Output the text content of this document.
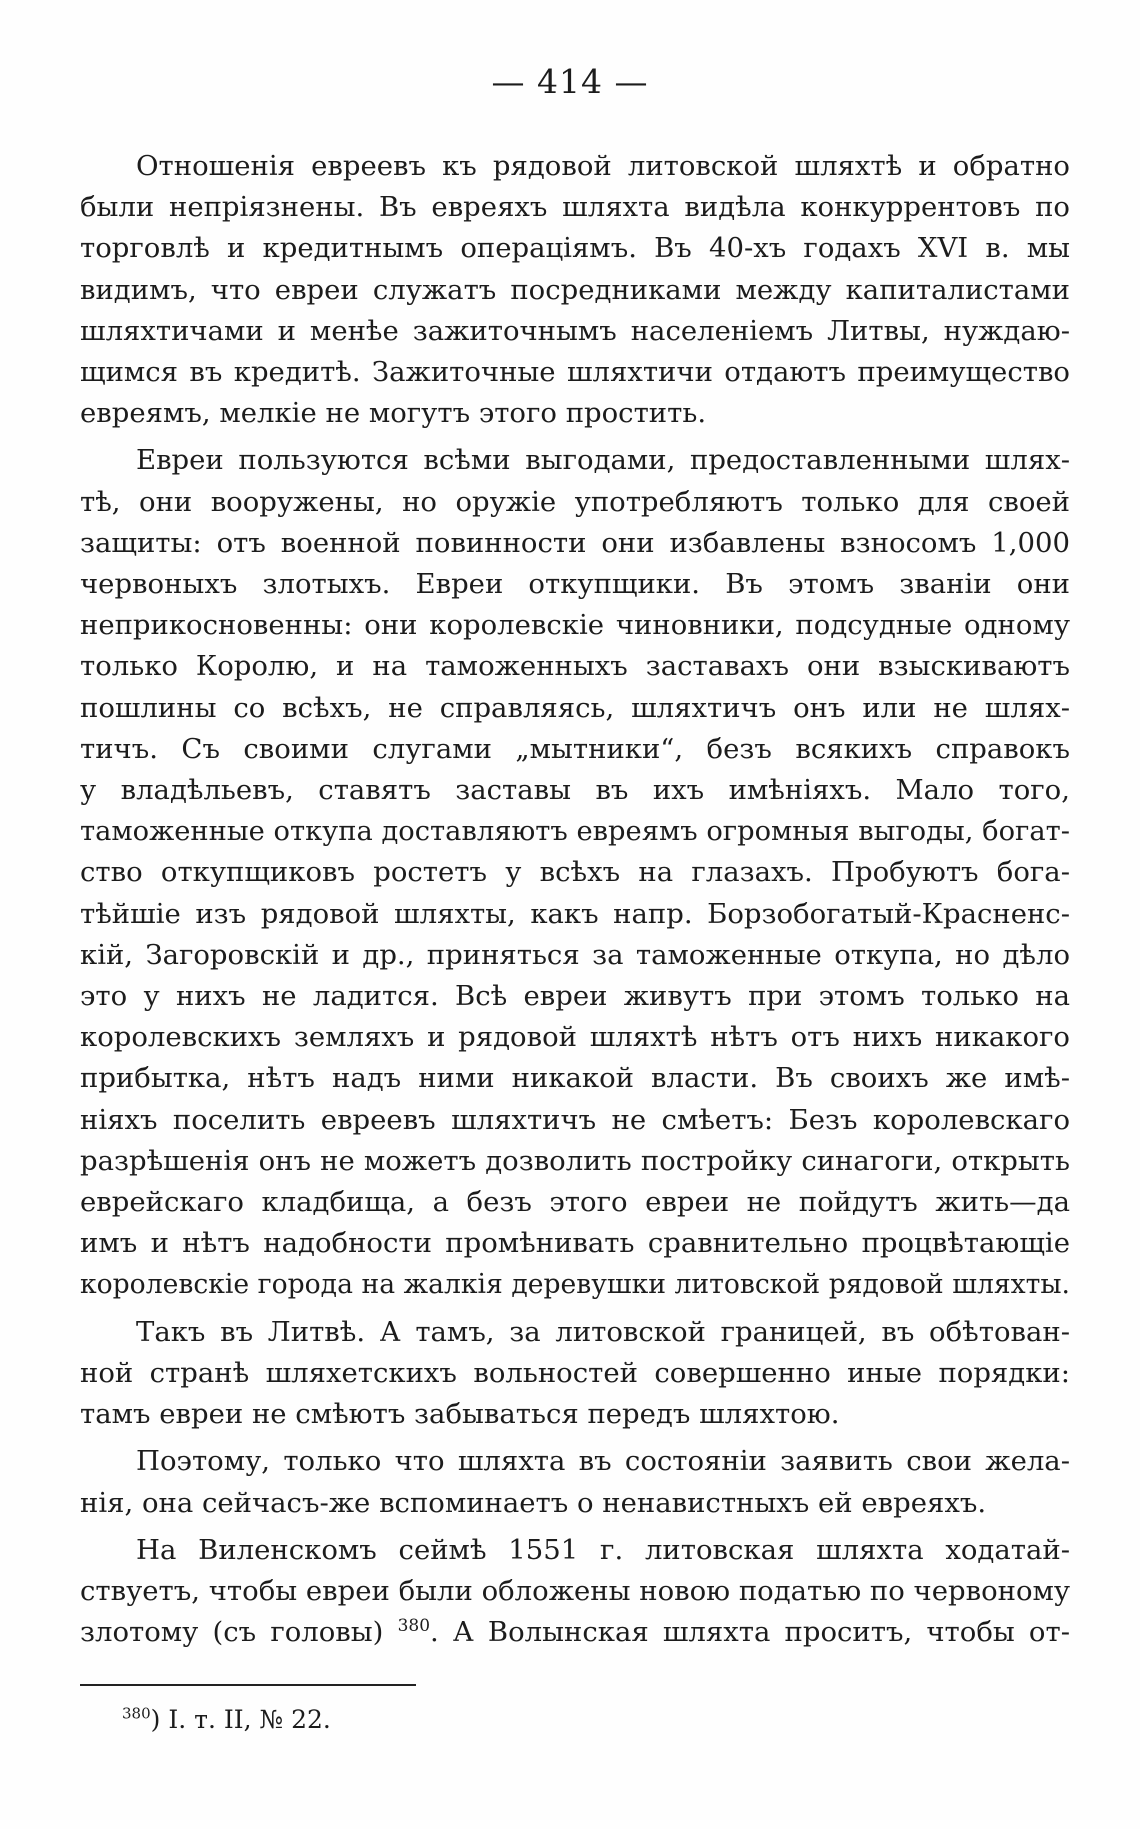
— 414 —

Отношенія евреевъ къ рядовой литовской шляхтѣ и обратно
были непріязнены. Въ евреяхъ шляхта видѣла конкуррентовъ по
торговлѣ и кредитнымъ операціямъ. Въ 40-хъ годахъ XVI в. мы
видимъ, что евреи служатъ посредниками между капиталистами
шляхтичами и менѣе зажиточнымъ населеніемъ Литвы, нуждаю-
щимся въ кредитѣ. Зажиточные шляхтичи отдаютъ преимущество
евреямъ, мелкіе не могутъ этого простить.

Евреи пользуются всѣми выгодами, предоставленными шлях-
тѣ, они вооружены, но оружіе употребляютъ только для своей
защиты: отъ военной повинности они избавлены взносомъ 1,000
червоныхъ злотыхъ. Евреи откупщики. Въ этомъ званіи они
неприкосновенны: они королевскіе чиновники, подсудные одному
только Королю, и на таможенныхъ заставахъ они взыскиваютъ
пошлины со всѣхъ, не справляясь, шляхтичъ онъ или не шлях-
тичъ. Съ своими слугами „мытники“, безъ всякихъ справокъ
у владѣльевъ, ставятъ заставы въ ихъ имѣніяхъ. Мало того,
таможенные откупа доставляютъ евреямъ огромныя выгоды, богат-
ство откупщиковъ ростетъ у всѣхъ на глазахъ. Пробуютъ бога-
тѣйшіе изъ рядовой шляхты, какъ напр. Борзобогатый-Красненс-
кій, Загоровскій и др., приняться за таможенные откупа, но дѣло
это у нихъ не ладится. Всѣ евреи живутъ при этомъ только на
королевскихъ земляхъ и рядовой шляхтѣ нѣтъ отъ нихъ никакого
прибытка, нѣтъ надъ ними никакой власти. Въ своихъ же имѣ-
ніяхъ поселить евреевъ шляхтичъ не смѣетъ: Безъ королевскаго
разрѣшенія онъ не можетъ дозволить постройку синагоги, открыть
еврейскаго кладбища, а безъ этого евреи не пойдутъ жить—да
имъ и нѣтъ надобности промѣнивать сравнительно процвѣтающіе
королевскіе города на жалкія деревушки литовской рядовой шляхты.

Такъ въ Литвѣ. А тамъ, за литовской границей, въ обѣтован-
ной странѣ шляхетскихъ вольностей совершенно иные порядки:
тамъ евреи не смѣютъ забываться передъ шляхтою.

Поэтому, только что шляхта въ состояніи заявить свои жела-
нія, она сейчасъ-же вспоминаетъ о ненавистныхъ ей евреяхъ.

На Виленскомъ сеймѣ 1551 г. литовская шляхта ходатай-
ствуетъ, чтобы евреи были обложены новою податью по червоному
злотому (съ головы) $^{380}$. А Волынская шляхта проситъ, чтобы от-

$^{380}$) I. т. II, № 22.
